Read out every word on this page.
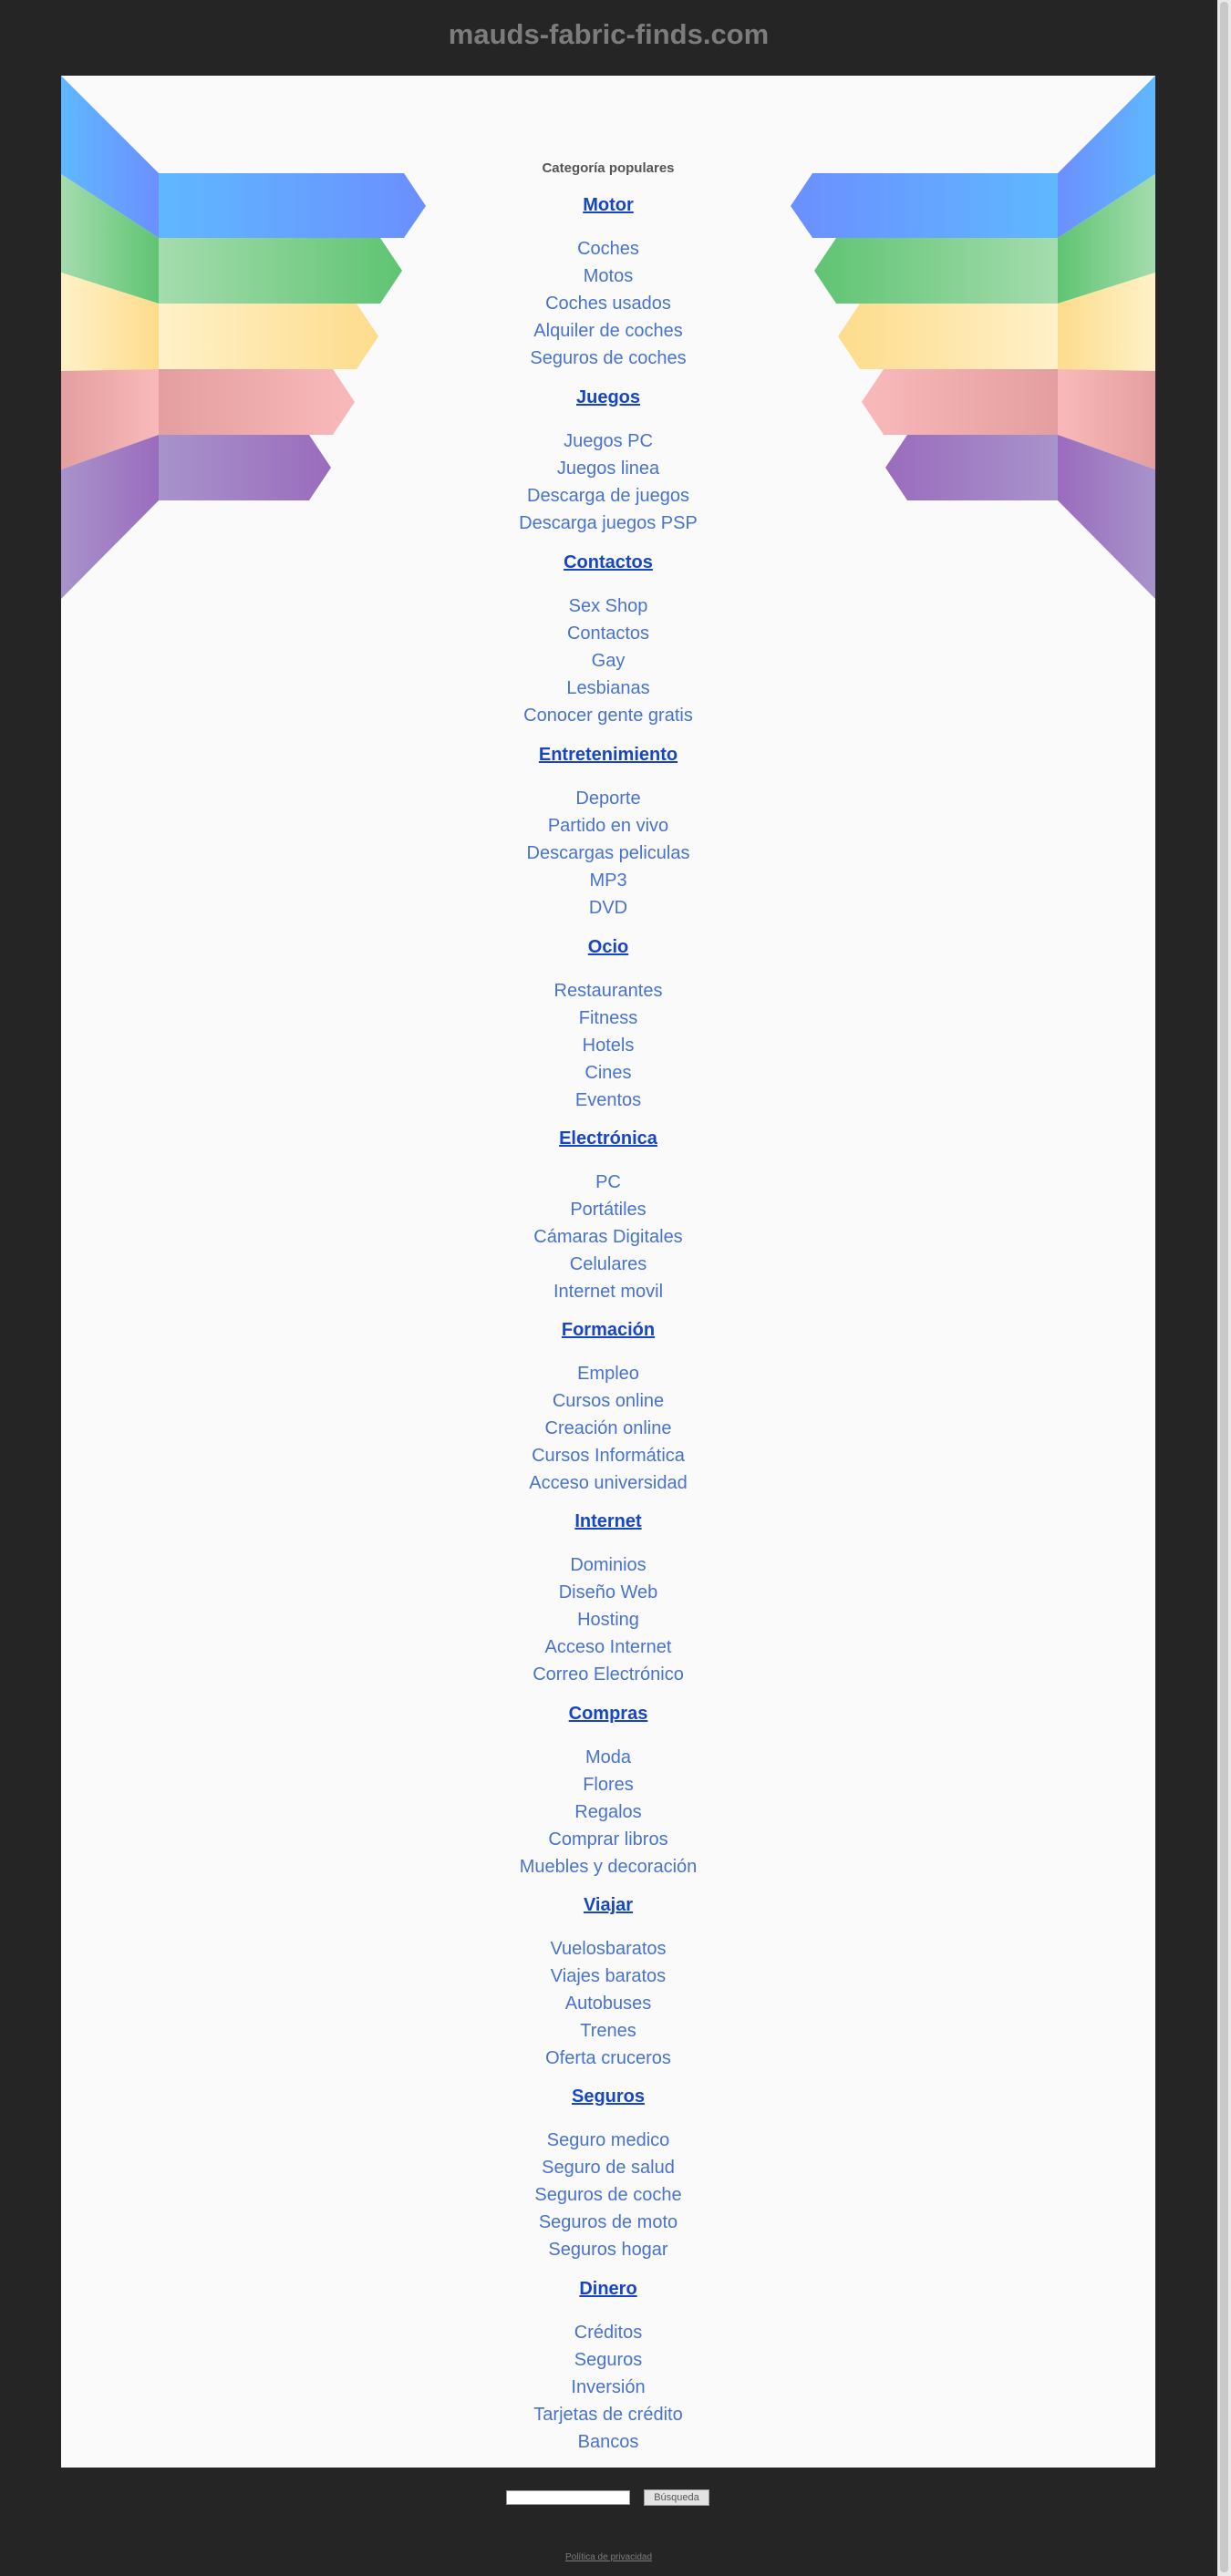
mauds-fabric-finds.com

Categoría populares

Motor
Coches
Motos
Coches usados
Alquiler de coches
Seguros de coches
Juegos
Juegos PC
Juegos linea
Descarga de juegos
Descarga juegos PSP
Contactos
Sex Shop
Contactos
Gay
Lesbianas
Conocer gente gratis
Entretenimiento
Deporte
Partido en vivo
Descargas peliculas
MP3
DVD
Ocio
Restaurantes
Fitness
Hotels
Cines
Eventos
Electrónica
PC
Portátiles
Cámaras Digitales
Celulares
Internet movil
Formación
Empleo
Cursos online
Creación online
Cursos Informática
Acceso universidad
Internet
Dominios
Diseño Web
Hosting
Acceso Internet
Correo Electrónico
Compras
Moda
Flores
Regalos
Comprar libros
Muebles y decoración
Viajar
Vuelosbaratos
Viajes baratos
Autobuses
Trenes
Oferta cruceros
Seguros
Seguro medico
Seguro de salud
Seguros de coche
Seguros de moto
Seguros hogar
Dinero
Créditos
Seguros
Inversión
Tarjetas de crédito
Bancos
Búsqueda
Política de privacidad
